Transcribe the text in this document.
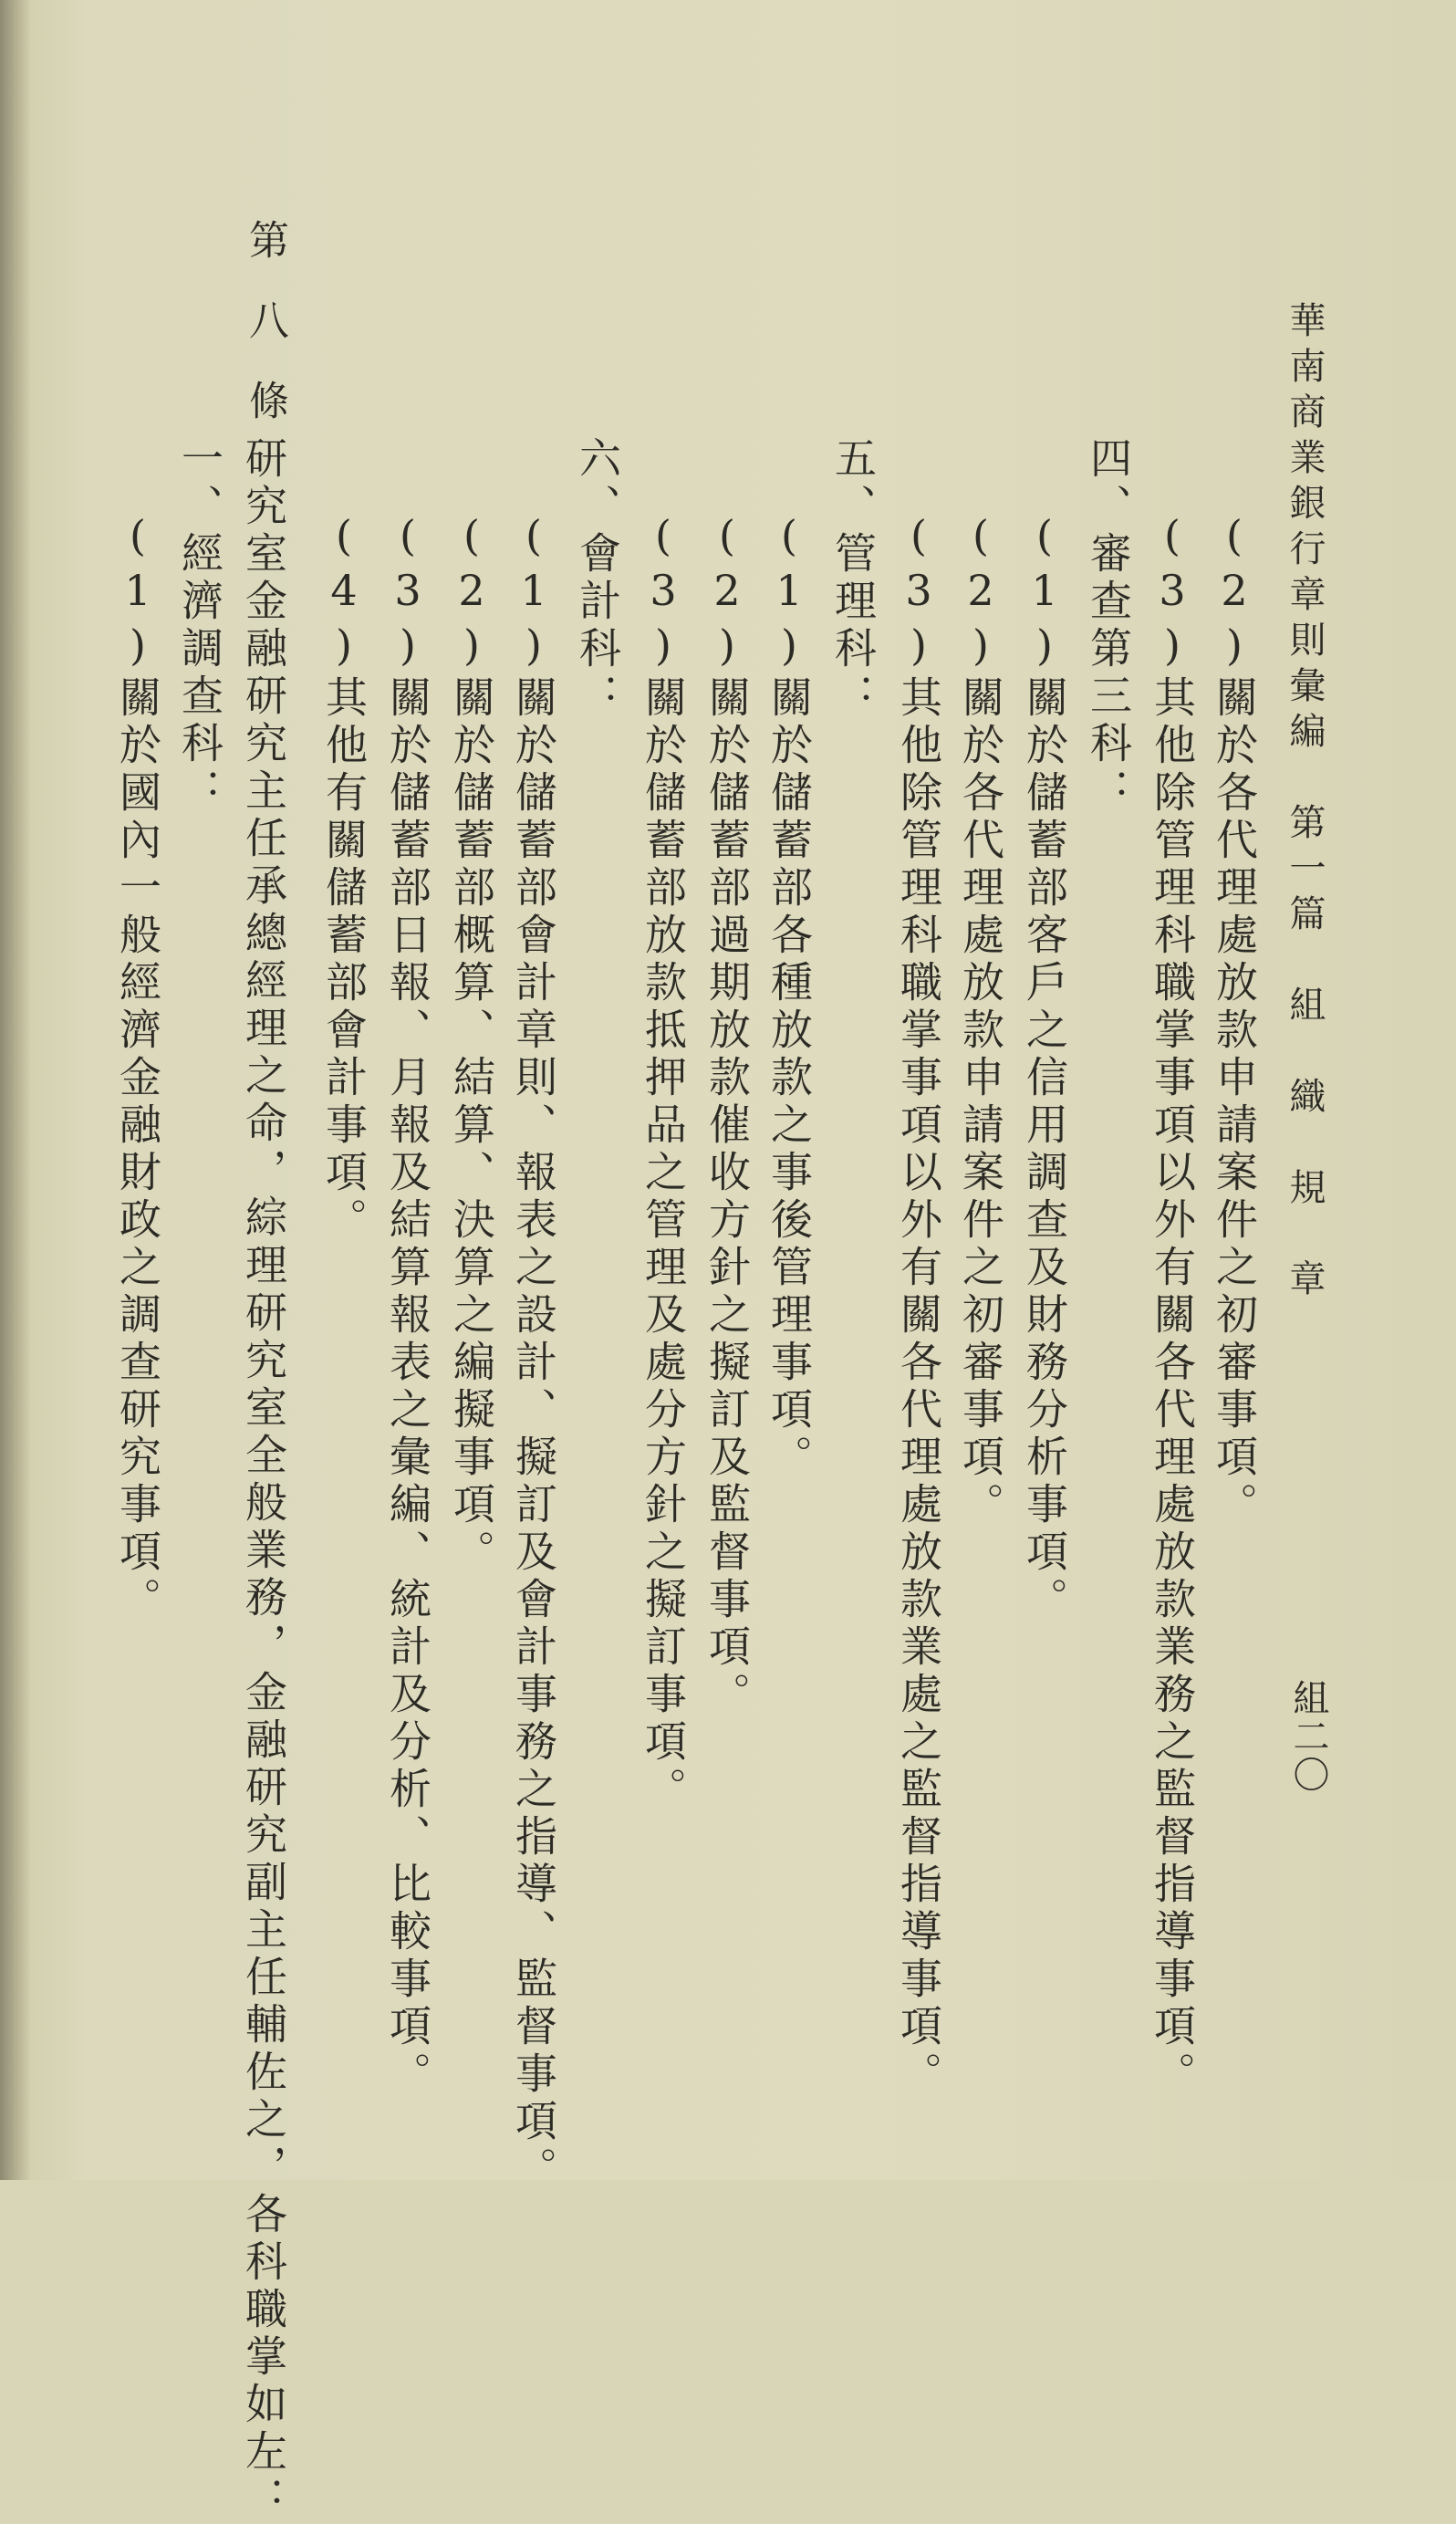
華南商業銀行章則彙編　第一篇　組　織　規　章
組二〇
(2)關於各代理處放款申請案件之初審事項。
(3)其他除管理科職掌事項以外有關各代理處放款業務之監督指導事項。
四、審查第三科：
(1)關於儲蓄部客戶之信用調查及財務分析事項。
(2)關於各代理處放款申請案件之初審事項。
(3)其他除管理科職掌事項以外有關各代理處放款業處之監督指導事項。
五、管理科：
(1)關於儲蓄部各種放款之事後管理事項。
(2)關於儲蓄部過期放款催收方針之擬訂及監督事項。
(3)關於儲蓄部放款抵押品之管理及處分方針之擬訂事項。
六、會計科：
(1)關於儲蓄部會計章則、報表之設計、擬訂及會計事務之指導、監督事項。
(2)關於儲蓄部概算、結算、決算之編擬事項。
(3)關於儲蓄部日報、月報及結算報表之彙編、統計及分析、比較事項。
(4)其他有關儲蓄部會計事項。
第八條
研究室金融研究主任承總經理之命，綜理研究室全般業務，金融研究副主任輔佐之，各科職掌如左：
一、經濟調查科：
(1)關於國內一般經濟金融財政之調查研究事項。
